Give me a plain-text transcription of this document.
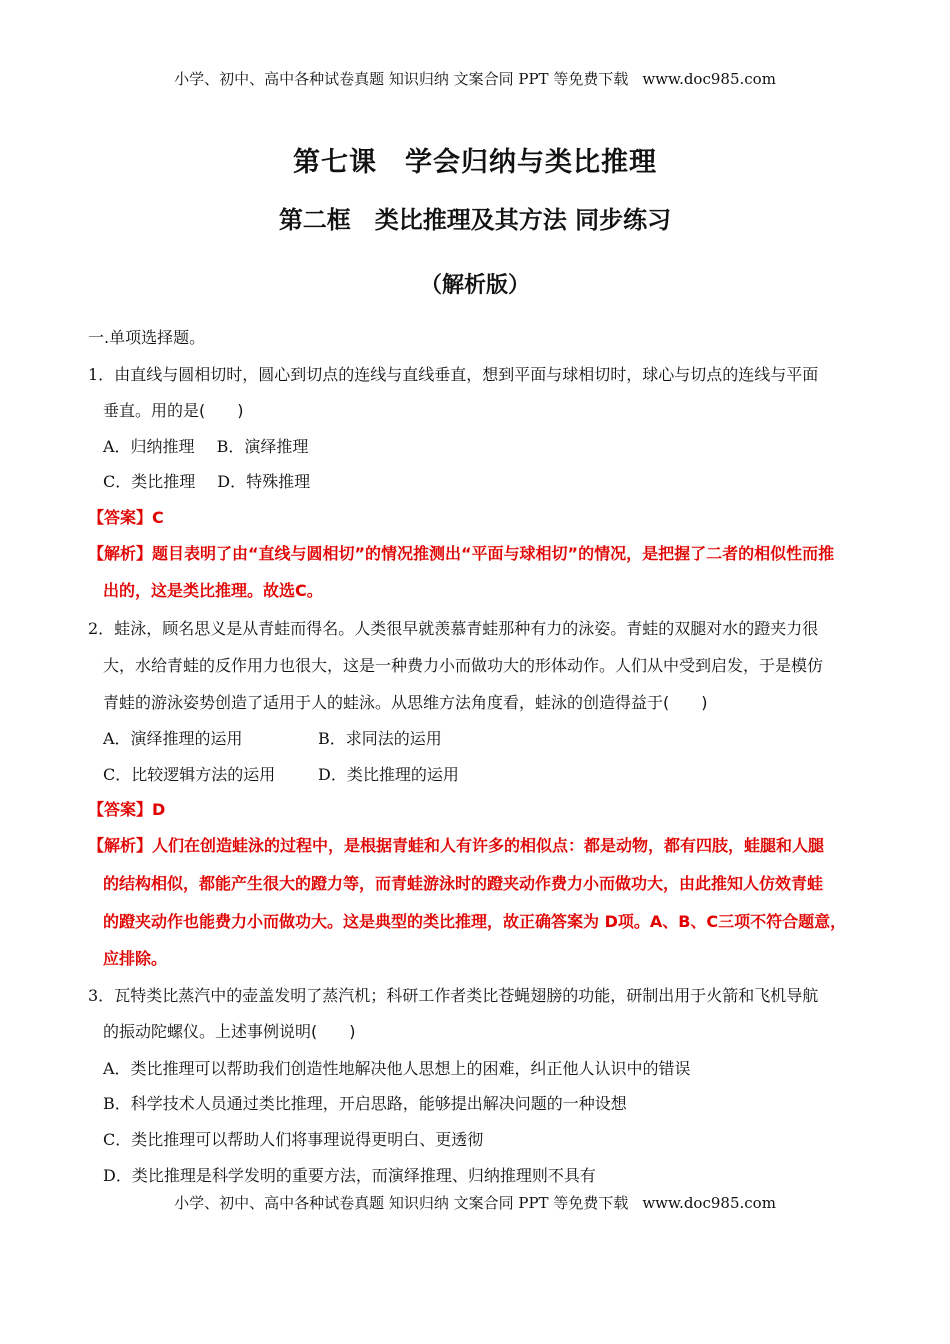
小学、初中、高中各种试卷真题 知识归纳 文案合同 PPT 等免费下载 www.doc985.com
第七课　学会归纳与类比推理
第二框　类比推理及其方法 同步练习
（解析版）
一.单项选择题。
1．由直线与圆相切时，圆心到切点的连线与直线垂直，想到平面与球相切时，球心与切点的连线与平面
垂直。用的是(　　)
A．归纳推理 B．演绎推理
C．类比推理 D．特殊推理
【答案】C
【解析】题目表明了由“直线与圆相切”的情况推测出“平面与球相切”的情况，是把握了二者的相似性而推
出的，这是类比推理。故选C。
2．蛙泳，顾名思义是从青蛙而得名。人类很早就羡慕青蛙那种有力的泳姿。青蛙的双腿对水的蹬夹力很
大，水给青蛙的反作用力也很大，这是一种费力小而做功大的形体动作。人们从中受到启发，于是模仿
青蛙的游泳姿势创造了适用于人的蛙泳。从思维方法角度看，蛙泳的创造得益于(　　)
A．演绎推理的运用	B．求同法的运用
C．比较逻辑方法的运用	D．类比推理的运用
【答案】D
【解析】人们在创造蛙泳的过程中，是根据青蛙和人有许多的相似点：都是动物，都有四肢，蛙腿和人腿
的结构相似，都能产生很大的蹬力等，而青蛙游泳时的蹬夹动作费力小而做功大，由此推知人仿效青蛙
的蹬夹动作也能费力小而做功大。这是典型的类比推理，故正确答案为 D项。A、B、C三项不符合题意，
应排除。
3．瓦特类比蒸汽中的壶盖发明了蒸汽机；科研工作者类比苍蝇翅膀的功能，研制出用于火箭和飞机导航
的振动陀螺仪。上述事例说明(　　)
A．类比推理可以帮助我们创造性地解决他人思想上的困难，纠正他人认识中的错误
B．科学技术人员通过类比推理，开启思路，能够提出解决问题的一种设想
C．类比推理可以帮助人们将事理说得更明白、更透彻
D．类比推理是科学发明的重要方法，而演绎推理、归纳推理则不具有
小学、初中、高中各种试卷真题 知识归纳 文案合同 PPT 等免费下载 www.doc985.com
